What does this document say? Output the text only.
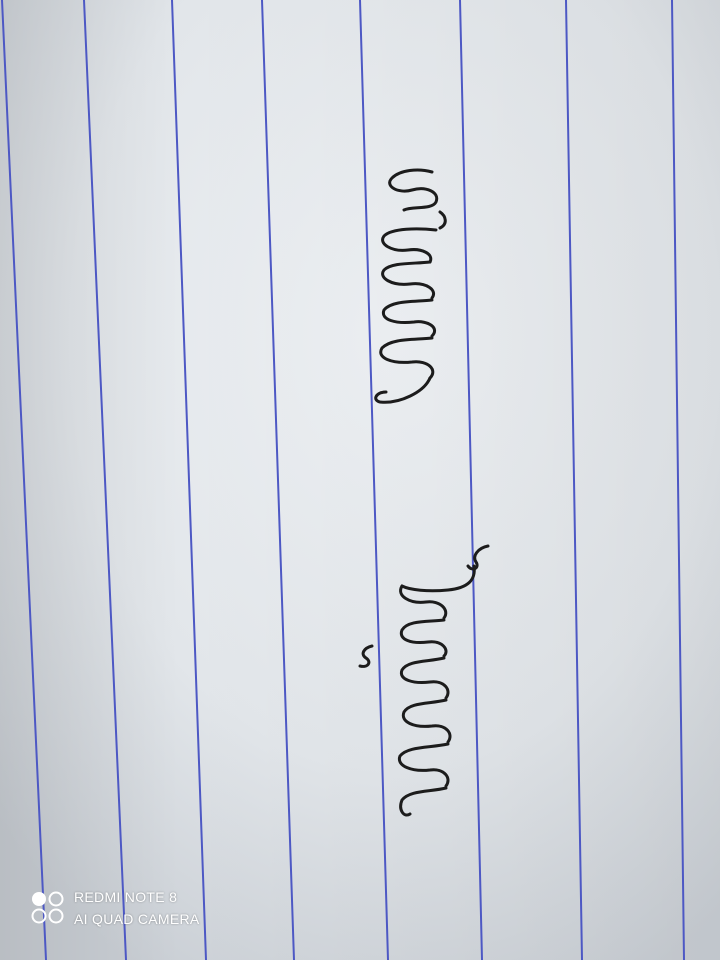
REDMI NOTE 8
AI QUAD CAMERA
